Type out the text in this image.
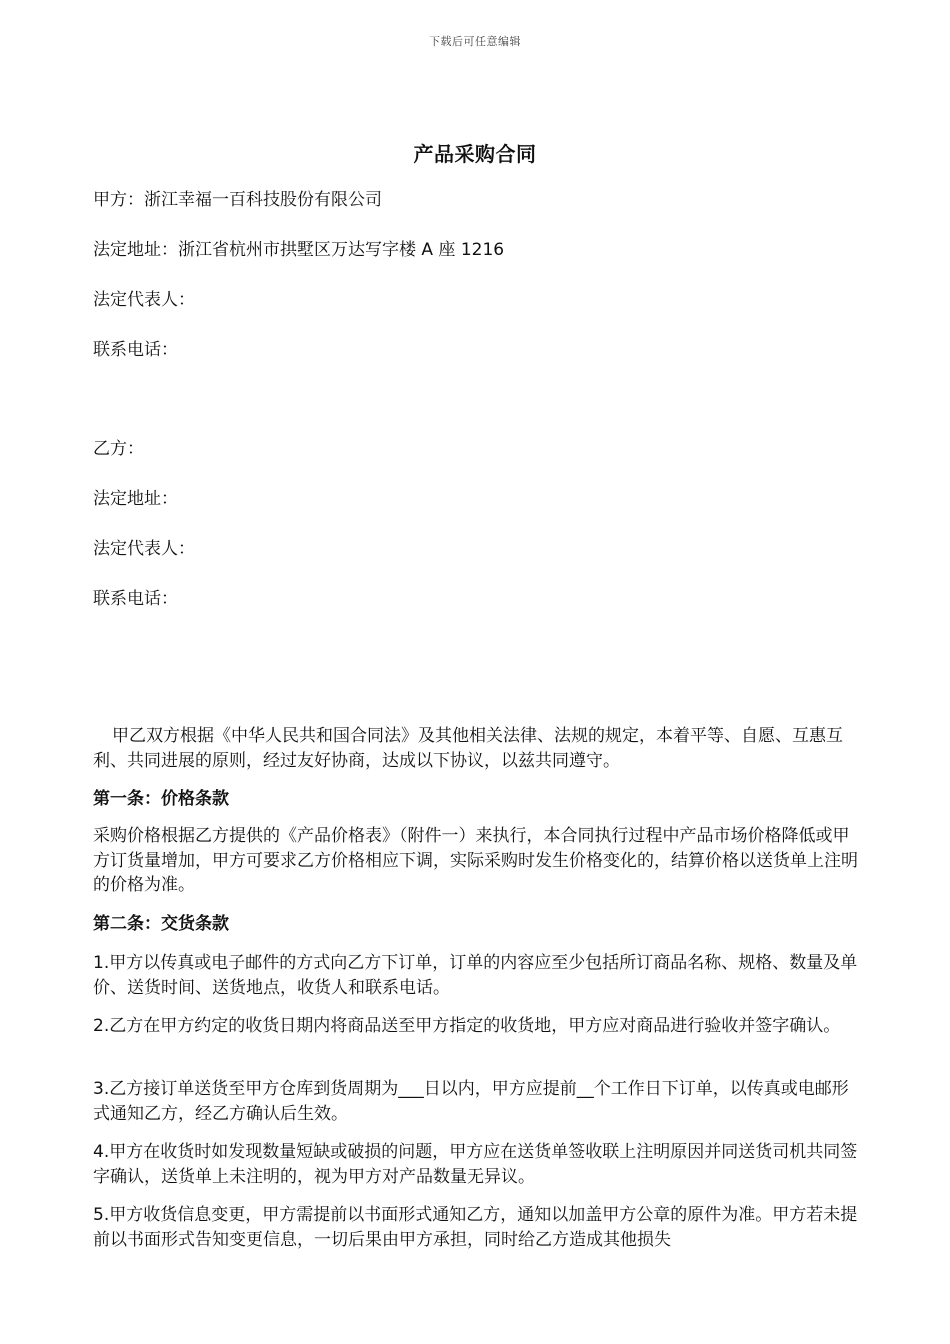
下载后可任意编辑
产品采购合同
甲方：浙江幸福一百科技股份有限公司
法定地址：浙江省杭州市拱墅区万达写字楼 A 座 1216
法定代表人：
联系电话：
乙方：
法定地址：
法定代表人：
联系电话：
甲乙双方根据《中华人民共和国合同法》及其他相关法律、法规的规定，本着平等、自愿、互惠互利、共同进展的原则，经过友好协商，达成以下协议，以兹共同遵守。
第一条：价格条款
采购价格根据乙方提供的《产品价格表》（附件一）来执行，本合同执行过程中产品市场价格降低或甲方订货量增加，甲方可要求乙方价格相应下调，实际采购时发生价格变化的，结算价格以送货单上注明的价格为准。
第二条：交货条款
1.甲方以传真或电子邮件的方式向乙方下订单，订单的内容应至少包括所订商品名称、规格、数量及单价、送货时间、送货地点，收货人和联系电话。
2.乙方在甲方约定的收货日期内将商品送至甲方指定的收货地，甲方应对商品进行验收并签字确认。
3.乙方接订单送货至甲方仓库到货周期为___日以内，甲方应提前__个工作日下订单，以传真或电邮形式通知乙方，经乙方确认后生效。
4.甲方在收货时如发现数量短缺或破损的问题，甲方应在送货单签收联上注明原因并同送货司机共同签字确认，送货单上未注明的，视为甲方对产品数量无异议。
5.甲方收货信息变更，甲方需提前以书面形式通知乙方，通知以加盖甲方公章的原件为准。甲方若未提前以书面形式告知变更信息，一切后果由甲方承担，同时给乙方造成其他损失
